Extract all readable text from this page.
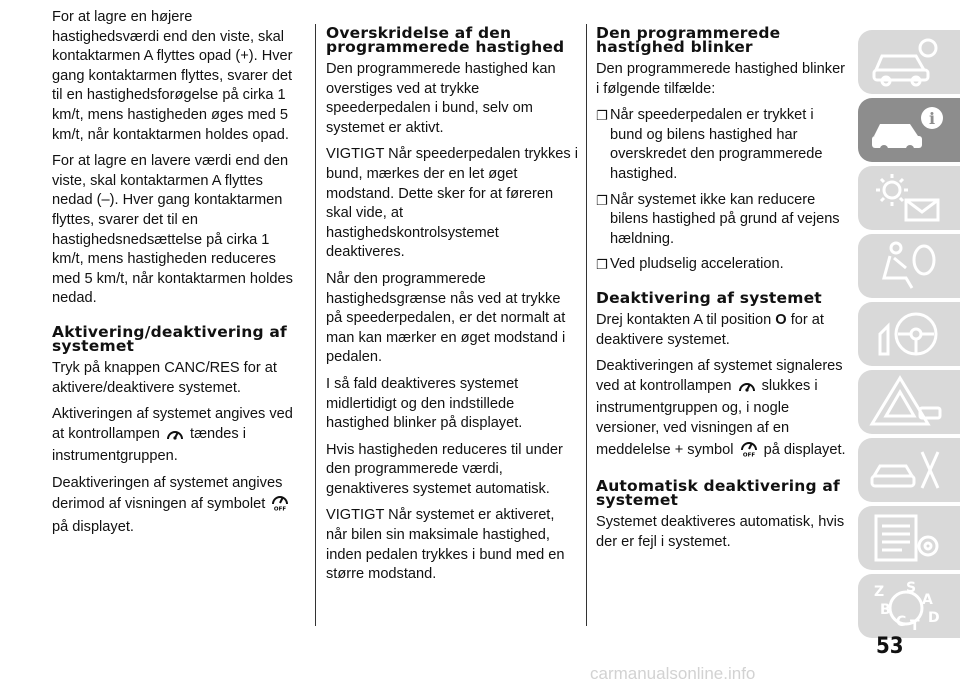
For at lagre en højere hastighedsværdi end den viste, skal kontaktarmen A flyttes opad (+). Hver gang kontaktarmen flyttes, svarer det til en hastighedsforøgelse på cirka 1 km/t, mens hastigheden øges med 5 km/t, når kontaktarmen holdes opad.

For at lagre en lavere værdi end den viste, skal kontaktarmen A flyttes nedad (–). Hver gang kontaktarmen flyttes, svarer det til en hastighedsnedsættelse på cirka 1 km/t, mens hastigheden reduceres med 5 km/t, når kontaktarmen holdes nedad.

Aktivering/deaktivering af systemet

Tryk på knappen CANC/RES for at aktivere/deaktivere systemet.

Aktiveringen af systemet angives ved at kontrollampen tændes i instrumentgruppen.

Deaktiveringen af systemet angives derimod af visningen af symbolet OFF
på displayet.

Overskridelse af den programmerede hastighed

Den programmerede hastighed kan overstiges ved at trykke speederpedalen i bund, selv om systemet er aktivt.

VIGTIGT Når speederpedalen trykkes i bund, mærkes der en let øget modstand. Dette sker for at føreren skal vide, at hastighedskontrolsystemet deaktiveres.

Når den programmerede hastighedsgrænse nås ved at trykke på speederpedalen, er det normalt at man kan mærker en øget modstand i pedalen.

I så fald deaktiveres systemet midlertidigt og den indstillede hastighed blinker på displayet.

Hvis hastigheden reduceres til under den programmerede værdi, genaktiveres systemet automatisk.

VIGTIGT Når systemet er aktiveret, når bilen sin maksimale hastighed, inden pedalen trykkes i bund med en større modstand.

Den programmerede hastighed blinker

Den programmerede hastighed blinker i følgende tilfælde:

❐ Når speederpedalen er trykket i bund og bilens hastighed har overskredet den programmerede hastighed.
❐ Når systemet ikke kan reducere bilens hastighed på grund af vejens hældning.
❐ Ved pludselig acceleration.
Deaktivering af systemet

Drej kontakten A til position O for at deaktivere systemet.

Deaktiveringen af systemet signaleres ved at kontrollampen slukkes i instrumentgruppen og, i nogle versioner, ved visningen af en meddelelse + symbol OFF på displayet.

Automatisk deaktivering af systemet

Systemet deaktiveres automatisk, hvis der er fejl i systemet.

i
Z S
A
B
C T D
53
carmanualsonline.info
